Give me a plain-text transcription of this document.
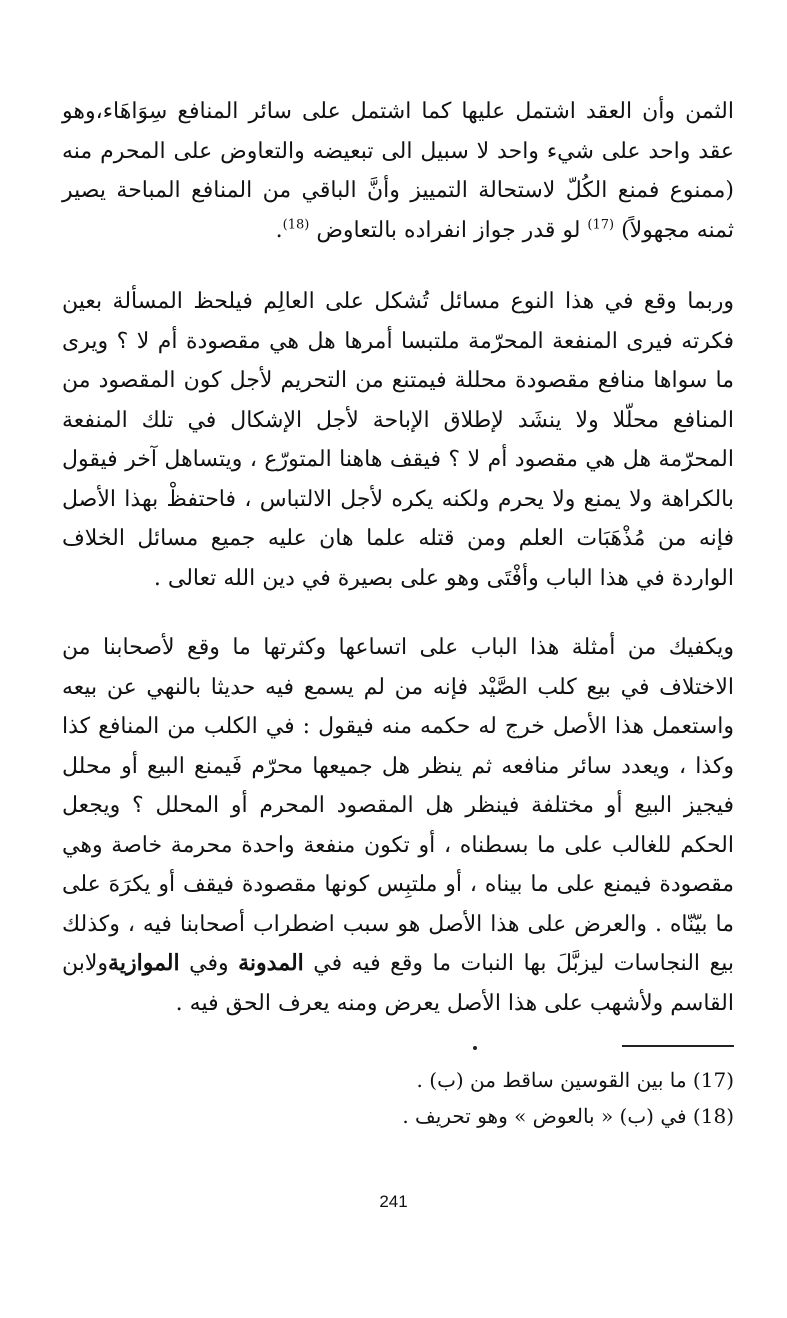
الثمن وأن العقد اشتمل عليها كما اشتمل على سائر المنافع سِوَاهَاء،وهو عقد واحد على شيء واحد لا سبيل الى تبعيضه والتعاوض على المحرم منه (ممنوع فمنع الكُلّ لاستحالة التمييز وأنَّ الباقي من المنافع المباحة يصير ثمنه مجهولاً) $^{(17)}$ لو قدر جواز انفراده بالتعاوض $^{(18)}$.

وربما وقع في هذا النوع مسائل تُشكل على العالِم فيلحظ المسألة بعين فكرته فيرى المنفعة المحرّمة ملتبسا أمرها هل هي مقصودة أم لا ؟ ويرى ما سواها منافع مقصودة محللة فيمتنع من التحريم لأجل كون المقصود من المنافع محلّلا ولا ينشَد لإطلاق الإباحة لأجل الإشكال في تلك المنفعة المحرّمة هل هي مقصود أم لا ؟ فيقف هاهنا المتورّع ، ويتساهل آخر فيقول بالكراهة ولا يمنع ولا يحرم ولكنه يكره لأجل الالتباس ، فاحتفظْ بهذا الأصل فإنه من مُذْهَبَات العلم ومن قتله علما هان عليه جميع مسائل الخلاف الواردة في هذا الباب وأفْتَى وهو على بصيرة في دين الله تعالى .

ويكفيك من أمثلة هذا الباب على اتساعها وكثرتها ما وقع لأصحابنا من الاختلاف في بيع كلب الصَّيْد فإنه من لم يسمع فيه حديثا بالنهي عن بيعه واستعمل هذا الأصل خرج له حكمه منه فيقول : في الكلب من المنافع كذا وكذا ، ويعدد سائر منافعه ثم ينظر هل جميعها محرّم فَيمنع البيع أو محلل فيجيز البيع أو مختلفة فينظر هل المقصود المحرم أو المحلل ؟ ويجعل الحكم للغالب على ما بسطناه ، أو تكون منفعة واحدة محرمة خاصة وهي مقصودة فيمنع على ما بيناه ، أو ملتبِس كونها مقصودة فيقف أو يكرَهَ على ما بيّنّاه . والعرض على هذا الأصل هو سبب اضطراب أصحابنا فيه ، وكذلك بيع النجاسات ليزبَّلَ بها النبات ما وقع فيه في المدونة وفي الموازيةولابن القاسم ولأشهب على هذا الأصل يعرض ومنه يعرف الحق فيه .

(17) ما بين القوسين ساقط من (ب) .
(18) في (ب) « بالعوض » وهو تحريف .
241
